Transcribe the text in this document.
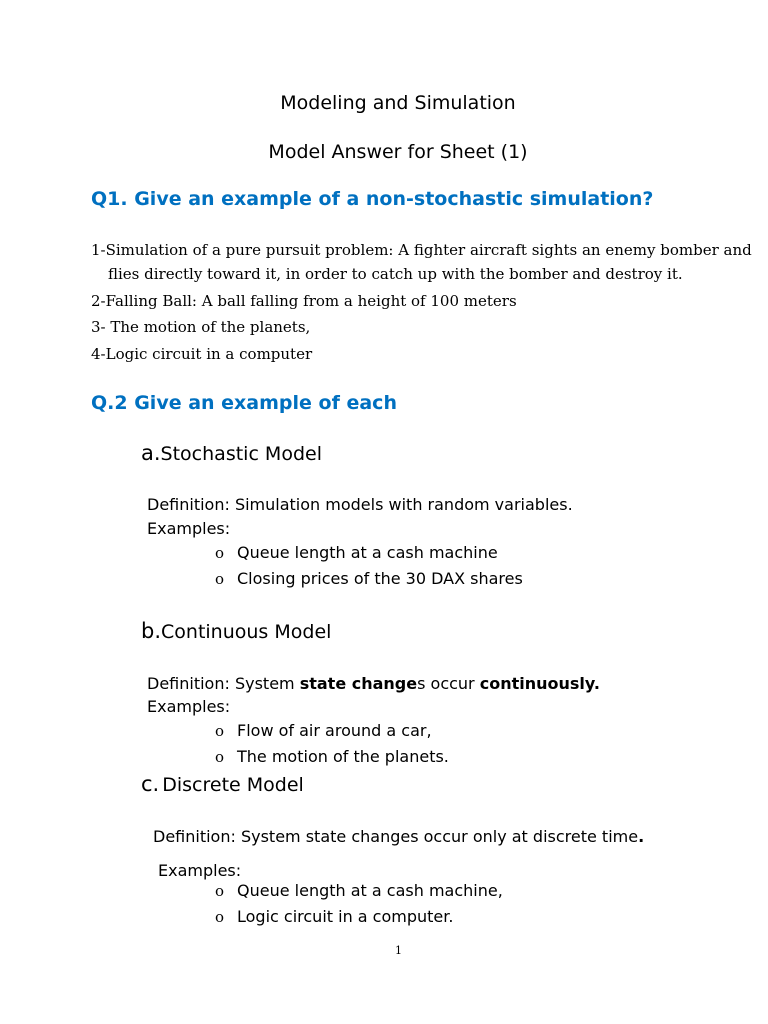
Modeling and Simulation
Model Answer for Sheet (1)
Q1. Give an example of a non-stochastic simulation?
1-Simulation of a pure pursuit problem: A fighter aircraft sights an enemy bomber and
flies directly toward it, in order to catch up with the bomber and destroy it.
2-Falling Ball: A ball falling from a height of 100 meters
3- The motion of the planets,
4-Logic circuit in a computer
Q.2 Give an example of each
a.Stochastic Model
Definition: Simulation models with random variables.
Examples:
o Queue length at a cash machine
o Closing prices of the 30 DAX shares
b.Continuous Model
Definition: System state changes occur continuously.
Examples:
o Flow of air around a car,
o The motion of the planets.
c. Discrete Model
Definition: System state changes occur only at discrete time.
Examples:
o Queue length at a cash machine,
o Logic circuit in a computer.
1
